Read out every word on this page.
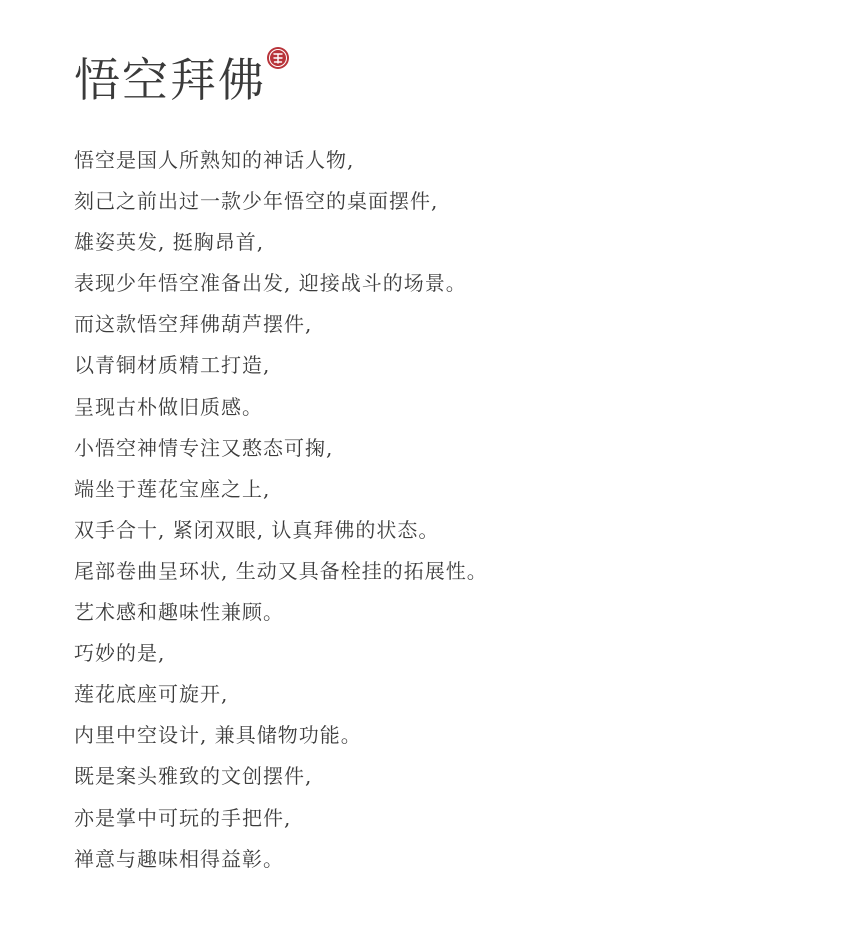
悟空拜佛
悟空是国人所熟知的神话人物,
刻己之前出过一款少年悟空的桌面摆件,
雄姿英发, 挺胸昂首,
表现少年悟空准备出发, 迎接战斗的场景。
而这款悟空拜佛葫芦摆件,
以青铜材质精工打造,
呈现古朴做旧质感。
小悟空神情专注又憨态可掬,
端坐于莲花宝座之上,
双手合十, 紧闭双眼, 认真拜佛的状态。
尾部卷曲呈环状, 生动又具备栓挂的拓展性。
艺术感和趣味性兼顾。
巧妙的是,
莲花底座可旋开,
内里中空设计, 兼具储物功能。
既是案头雅致的文创摆件,
亦是掌中可玩的手把件,
禅意与趣味相得益彰。
